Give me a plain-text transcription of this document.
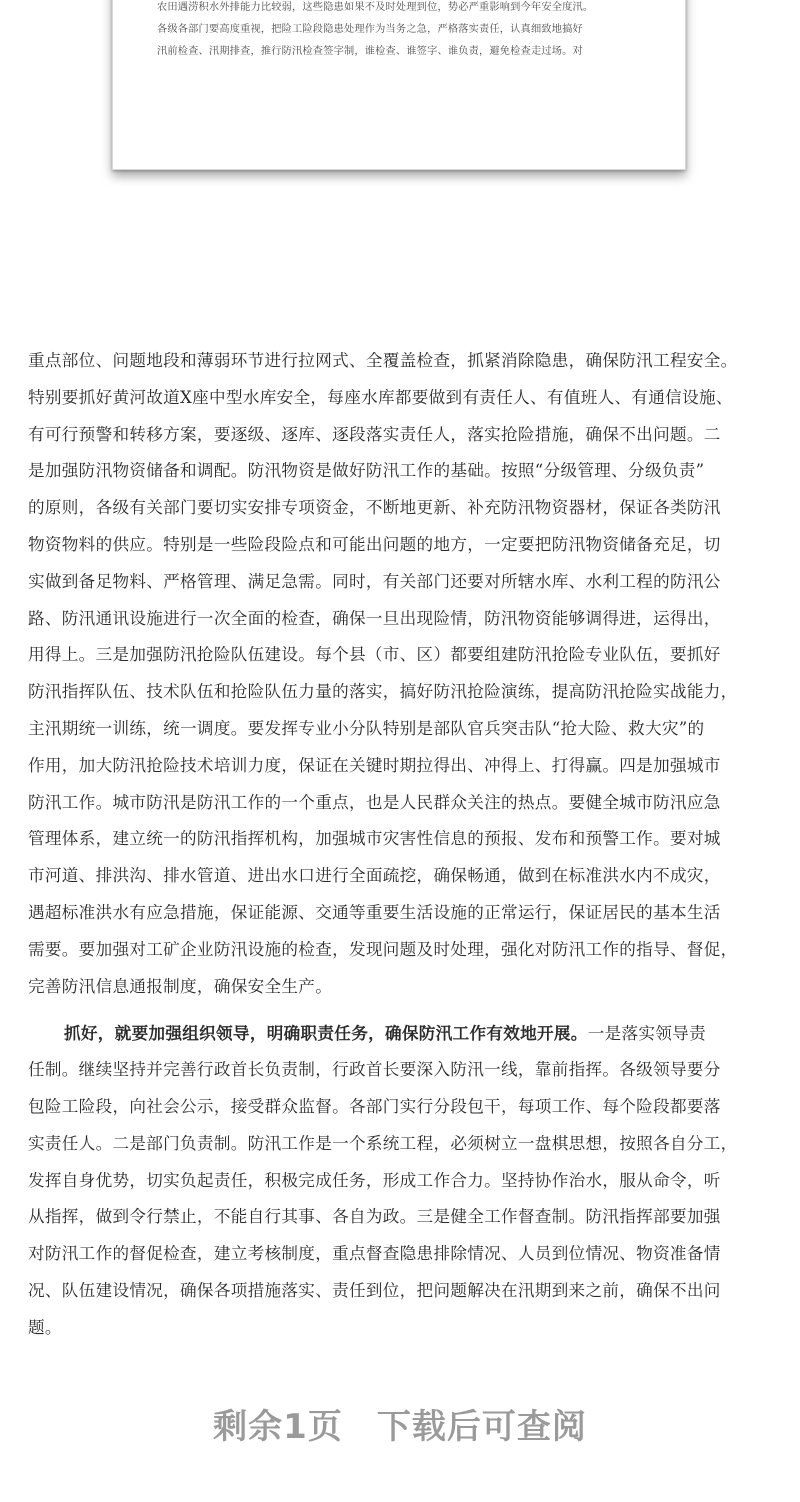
农田遇涝积水外排能力比较弱，这些隐患如果不及时处理到位，势必严重影响到今年安全度汛。
各级各部门要高度重视，把险工险段隐患处理作为当务之急，严格落实责任，认真细致地搞好
汛前检查、汛期排查，推行防汛检查签字制，谁检查、谁签字、谁负责，避免检查走过场。对
重点部位、问题地段和薄弱环节进行拉网式、全覆盖检查，抓紧消除隐患，确保防汛工程安全。
特别要抓好黄河故道X座中型水库安全，每座水库都要做到有责任人、有值班人、有通信设施、
有可行预警和转移方案，要逐级、逐库、逐段落实责任人，落实抢险措施，确保不出问题。二
是加强防汛物资储备和调配。防汛物资是做好防汛工作的基础。按照“分级管理、分级负责”
的原则，各级有关部门要切实安排专项资金，不断地更新、补充防汛物资器材，保证各类防汛
物资物料的供应。特别是一些险段险点和可能出问题的地方，一定要把防汛物资储备充足，切
实做到备足物料、严格管理、满足急需。同时，有关部门还要对所辖水库、水利工程的防汛公
路、防汛通讯设施进行一次全面的检查，确保一旦出现险情，防汛物资能够调得进，运得出，
用得上。三是加强防汛抢险队伍建设。每个县（市、区）都要组建防汛抢险专业队伍，要抓好
防汛指挥队伍、技术队伍和抢险队伍力量的落实，搞好防汛抢险演练，提高防汛抢险实战能力，
主汛期统一训练，统一调度。要发挥专业小分队特别是部队官兵突击队“抢大险、救大灾”的
作用，加大防汛抢险技术培训力度，保证在关键时期拉得出、冲得上、打得赢。四是加强城市
防汛工作。城市防汛是防汛工作的一个重点，也是人民群众关注的热点。要健全城市防汛应急
管理体系，建立统一的防汛指挥机构，加强城市灾害性信息的预报、发布和预警工作。要对城
市河道、排洪沟、排水管道、进出水口进行全面疏挖，确保畅通，做到在标准洪水内不成灾，
遇超标准洪水有应急措施，保证能源、交通等重要生活设施的正常运行，保证居民的基本生活
需要。要加强对工矿企业防汛设施的检查，发现问题及时处理，强化对防汛工作的指导、督促，
完善防汛信息通报制度，确保安全生产。
抓好，就要加强组织领导，明确职责任务，确保防汛工作有效地开展。一是落实领导责
任制。继续坚持并完善行政首长负责制，行政首长要深入防汛一线，靠前指挥。各级领导要分
包险工险段，向社会公示，接受群众监督。各部门实行分段包干，每项工作、每个险段都要落
实责任人。二是部门负责制。防汛工作是一个系统工程，必须树立一盘棋思想，按照各自分工，
发挥自身优势，切实负起责任，积极完成任务，形成工作合力。坚持协作治水，服从命令，听
从指挥，做到令行禁止，不能自行其事、各自为政。三是健全工作督查制。防汛指挥部要加强
对防汛工作的督促检查，建立考核制度，重点督查隐患排除情况、人员到位情况、物资准备情
况、队伍建设情况，确保各项措施落实、责任到位，把问题解决在汛期到来之前，确保不出问
题。
剩余1页 下载后可查阅
